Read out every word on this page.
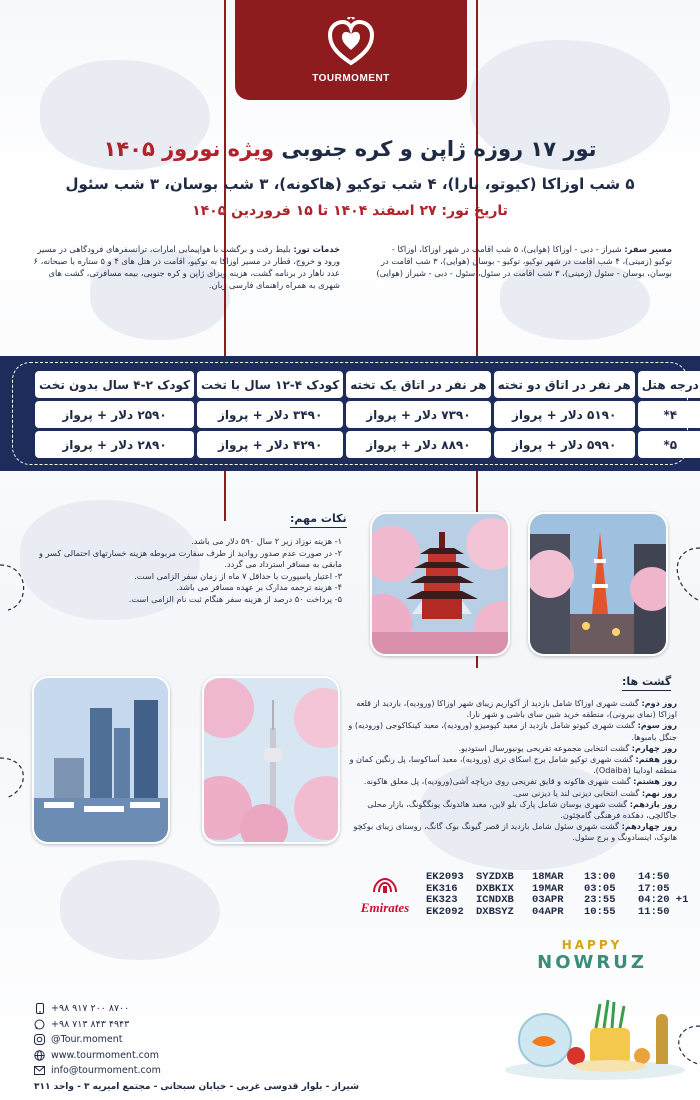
TOURMOMENT
تور ۱۷ روزه ژاپن و کره جنوبی ویژه نوروز ۱۴۰۵
۵ شب اوزاکا (کیوتو، نارا)، ۴ شب توکیو (هاکونه)، ۳ شب بوسان، ۳ شب سئول
تاریخ تور: ۲۷ اسفند ۱۴۰۴ تا ۱۵ فروردین ۱۴۰۵
مسیر سفر: شیراز - دبی - اوزاکا (هوایی)، ۵ شب اقامت در شهر اوزاکا، اوزاکا - توکیو (زمینی)، ۴ شب اقامت در شهر توکیو، توکیو - بوسان (هوایی)، ۳ شب اقامت در بوسان، بوسان - سئول (زمینی)، ۳ شب اقامت در سئول، سئول - دبی - شیراز (هوایی)
خدمات تور: بلیط رفت و برگشت با هواپیمایی امارات، ترانسفرهای فرودگاهی در مسیر ورود و خروج، قطار در مسیر اوزاکا به توکیو، اقامت در هتل های ۴ و ۵ ستاره با صبحانه، ۶ عدد ناهار در برنامه گشت، هزینه ویزای ژاپن و کره جنوبی، بیمه مسافرتی، گشت های شهری به همراه راهنمای فارسی زبان.
درجه هتل	هر نفر در اتاق دو تخته	هر نفر در اتاق یک تخته	کودک ۴-۱۲ سال با تخت	کودک ۲-۴ سال بدون تخت
۴*	۵۱۹۰ دلار + پرواز	۷۳۹۰ دلار + پرواز	۳۴۹۰ دلار + پرواز	۲۵۹۰ دلار + پرواز
۵*	۵۹۹۰ دلار + پرواز	۸۸۹۰ دلار + پرواز	۴۲۹۰ دلار + پرواز	۲۸۹۰ دلار + پرواز
نکات مهم:
۱- هزینه نوزاد زیر ۲ سال ۵۹۰ دلار می باشد.
۲- در صورت عدم صدور روادید از طرف سفارت مربوطه هزینه خسارتهای احتمالی کسر و مابقی به مسافر استرداد می گردد.
۳- اعتبار پاسپورت با حداقل ۷ ماه از زمان سفر الزامی است.
۴- هزینه ترجمه مدارک بر عهده مسافر می باشد.
۵- پرداخت ۵۰ درصد از هزینه سفر هنگام ثبت نام الزامی است.
گشت ها:
روز دوم: گشت شهری اوزاکا شامل بازدید از آکواریم زیبای شهر اوزاکا (ورودیه)، بازدید از قلعه اوزاکا (نمای بیرونی)، منطقه خرید شین سای باشی و شهر نارا.
روز سوم: گشت شهری کیوتو شامل بازدید از معبد کیومیزو (ورودیه)، معبد کینکاکوجی (ورودیه) و جنگل بامبوها.
روز چهارم: گشت انتخابی مجموعه تفریحی یونیورسال استودیو.
روز هفتم: گشت شهری توکیو شامل برج اسکای تری (ورودیه)، معبد آساکوسا، پل رنگین کمان و منطقه اودایبا (Odaiba).
روز هشتم: گشت شهری هاکونه و قایق تفریحی روی دریاچه آشی(ورودیه)، پل معلق هاکونه.
روز نهم: گشت انتخابی دیزنی لند یا دیزنی سی.
روز یازدهم: گشت شهری بوسان شامل پارک بلو لاین، معبد هائدونگ یونگگونگ، بازار محلی جاگالچی، دهکده فرهنگی گامچئون.
روز چهاردهم: گشت شهری سئول شامل بازدید از قصر گیونگ بوک گانگ، روستای زیبای بوکچو هانوک، اینسادونگ و برج سئول.
Emirates
EK2093	SYZDXB	18MAR	13:00	14:50
EK316	DXBKIX	19MAR	03:05	17:05
EK323	ICNDXB	03APR	23:55	04:20 +1
EK2092	DXBSYZ	04APR	10:55	11:50
HAPPY
NOWRUZ
+۹۸ ۹۱۷ ۲۰۰ ۸۷۰۰
+۹۸ ۷۱۳ ۸۴۳ ۴۹۴۳
@Tour.moment
www.tourmoment.com
info@tourmoment.com
شیراز - بلوار قدوسی غربی - خیابان سبحانی - مجتمع امیریه ۳ - واحد ۳۱۱
